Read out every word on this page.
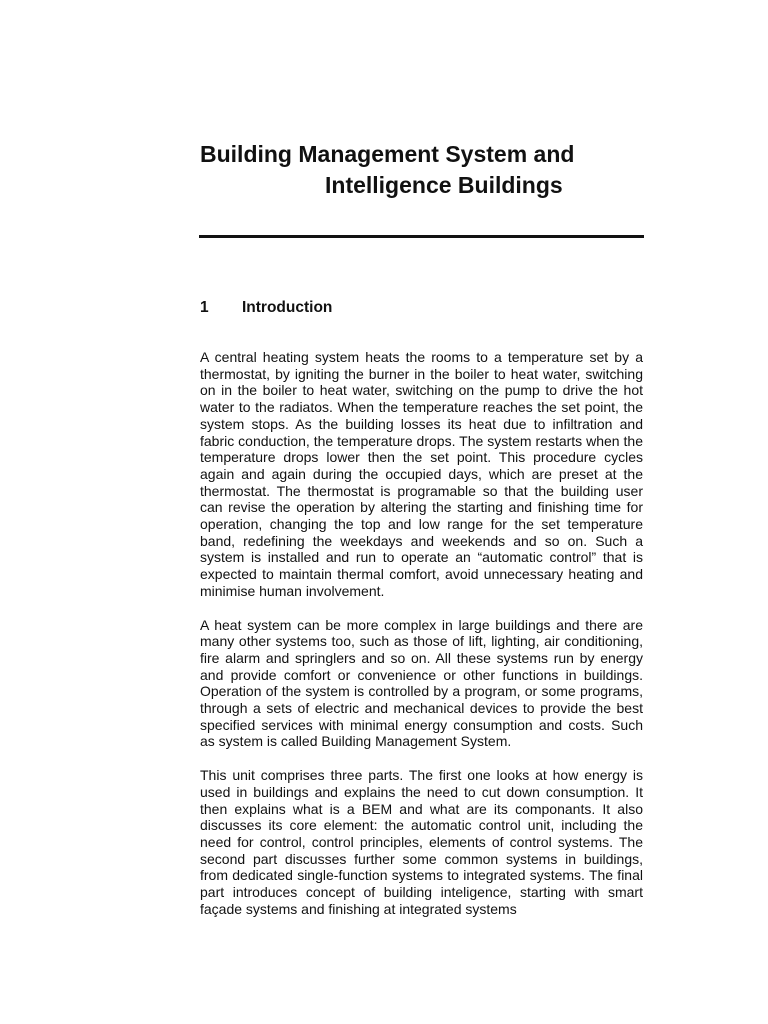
Building Management System and
Intelligence Buildings
1 Introduction

A central heating system heats the rooms to a temperature set by a thermostat, by igniting the burner in the boiler to heat water, switching on in the boiler to heat water, switching on the pump to drive the hot water to the radiatos. When the temperature reaches the set point, the system stops. As the building losses its heat due to infiltration and fabric conduction, the temperature drops. The system restarts when the temperature drops lower then the set point. This procedure cycles again and again during the occupied days, which are preset at the thermostat. The thermostat is programable so that the building user can revise the operation by altering the starting and finishing time for operation, changing the top and low range for the set temperature band, redefining the weekdays and weekends and so on. Such a system is installed and run to operate an “automatic control” that is expected to maintain thermal comfort, avoid unnecessary heating and minimise human involvement.

A heat system can be more complex in large buildings and there are many other systems too, such as those of lift, lighting, air conditioning, fire alarm and springlers and so on. All these systems run by energy and provide comfort or convenience or other functions in buildings. Operation of the system is controlled by a program, or some programs, through a sets of electric and mechanical devices to provide the best specified services with minimal energy consumption and costs. Such as system is called Building Management System.

This unit comprises three parts. The first one looks at how energy is used in buildings and explains the need to cut down consumption. It then explains what is a BEM and what are its componants. It also discusses its core element: the automatic control unit, including the need for control, control principles, elements of control systems. The second part discusses further some common systems in buildings, from dedicated single-function systems to integrated systems. The final part introduces concept of building inteligence, starting with smart façade systems and finishing at integrated systems
